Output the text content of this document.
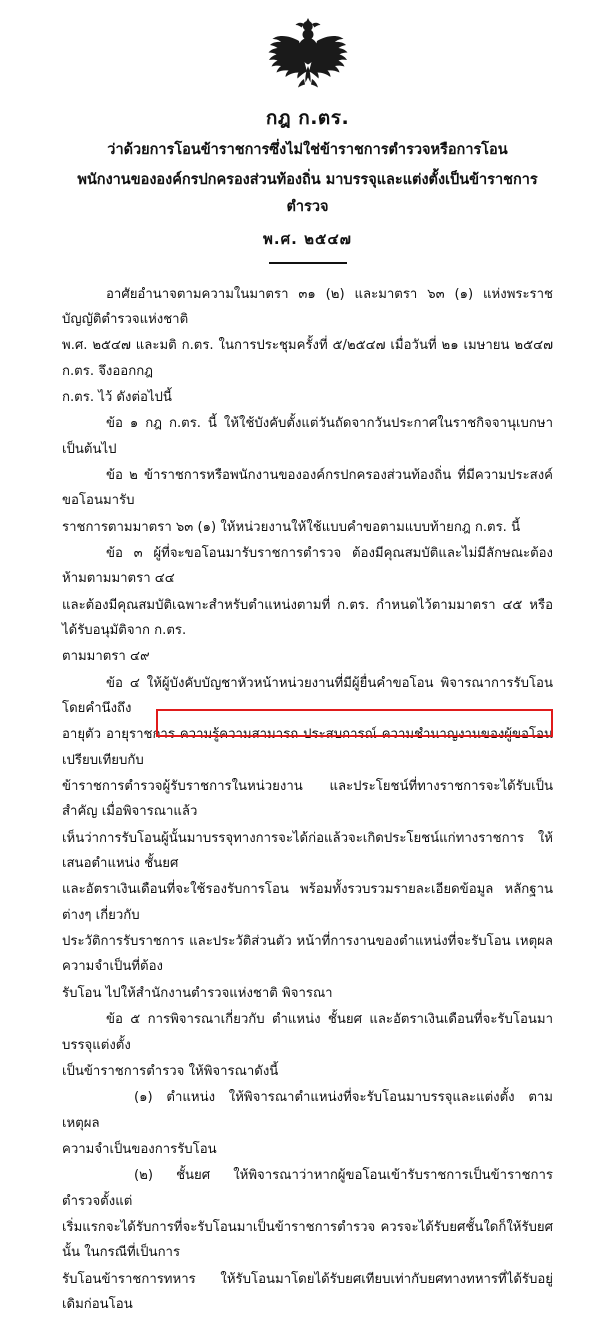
กฎ ก.ตร.
ว่าด้วยการโอนข้าราชการซึ่งไม่ใช่ข้าราชการตำรวจหรือการโอน
พนักงานขององค์กรปกครองส่วนท้องถิ่น มาบรรจุและแต่งตั้งเป็นข้าราชการตำรวจ
พ.ศ. ๒๕๔๗

อาศัยอำนาจตามความในมาตรา ๓๑ (๒) และมาตรา ๖๓ (๑) แห่งพระราชบัญญัติตำรวจแห่งชาติ

พ.ศ. ๒๕๔๗ และมติ ก.ตร. ในการประชุมครั้งที่ ๕/๒๕๔๗ เมื่อวันที่ ๒๑ เมษายน ๒๕๔๗ ก.ตร. จึงออกกฎ

ก.ตร. ไว้ ดังต่อไปนี้

ข้อ ๑ กฎ ก.ตร. นี้ ให้ใช้บังคับตั้งแต่วันถัดจากวันประกาศในราชกิจจานุเบกษา เป็นต้นไป

ข้อ ๒ ข้าราชการหรือพนักงานขององค์กรปกครองส่วนท้องถิ่น ที่มีความประสงค์ขอโอนมารับ

ราชการตามมาตรา ๖๓ (๑) ให้หน่วยงานให้ใช้แบบคำขอตามแบบท้ายกฎ ก.ตร. นี้

ข้อ ๓ ผู้ที่จะขอโอนมารับราชการตำรวจ ต้องมีคุณสมบัติและไม่มีลักษณะต้องห้ามตามมาตรา ๔๔

และต้องมีคุณสมบัติเฉพาะสำหรับตำแหน่งตามที่ ก.ตร. กำหนดไว้ตามมาตรา ๔๕ หรือได้รับอนุมัติจาก ก.ตร.

ตามมาตรา ๔๙

ข้อ ๔ ให้ผู้บังคับบัญชาหัวหน้าหน่วยงานที่มีผู้ยื่นคำขอโอน พิจารณาการรับโอนโดยคำนึงถึง

อายุตัว อายุราชการ ความรู้ความสามารถ ประสบการณ์ ความชำนาญงานของผู้ขอโอนเปรียบเทียบกับ

ข้าราชการตำรวจผู้รับราชการในหน่วยงาน และประโยชน์ที่ทางราชการจะได้รับเป็นสำคัญ เมื่อพิจารณาแล้ว

เห็นว่าการรับโอนผู้นั้นมาบรรจุทางการจะได้ก่อแล้วจะเกิดประโยชน์แก่ทางราชการ ให้เสนอตำแหน่ง ชั้นยศ

และอัตราเงินเดือนที่จะใช้รองรับการโอน พร้อมทั้งรวบรวมรายละเอียดข้อมูล หลักฐานต่างๆ เกี่ยวกับ

ประวัติการรับราชการ และประวัติส่วนตัว หน้าที่การงานของตำแหน่งที่จะรับโอน เหตุผลความจำเป็นที่ต้อง

รับโอน ไปให้สำนักงานตำรวจแห่งชาติ พิจารณา

ข้อ ๕ การพิจารณาเกี่ยวกับ ตำแหน่ง ชั้นยศ และอัตราเงินเดือนที่จะรับโอนมาบรรจุแต่งตั้ง

เป็นข้าราชการตำรวจ ให้พิจารณาดังนี้

(๑) ตำแหน่ง ให้พิจารณาตำแหน่งที่จะรับโอนมาบรรจุและแต่งตั้ง ตามเหตุผล

ความจำเป็นของการรับโอน

(๒) ชั้นยศ ให้พิจารณาว่าหากผู้ขอโอนเข้ารับราชการเป็นข้าราชการตำรวจตั้งแต่

เริ่มแรกจะได้รับการที่จะรับโอนมาเป็นข้าราชการตำรวจ ควรจะได้รับยศชั้นใดก็ให้รับยศนั้น ในกรณีที่เป็นการ

รับโอนข้าราชการทหาร ให้รับโอนมาโดยได้รับยศเทียบเท่ากับยศทางทหารที่ได้รับอยู่เดิมก่อนโอน
